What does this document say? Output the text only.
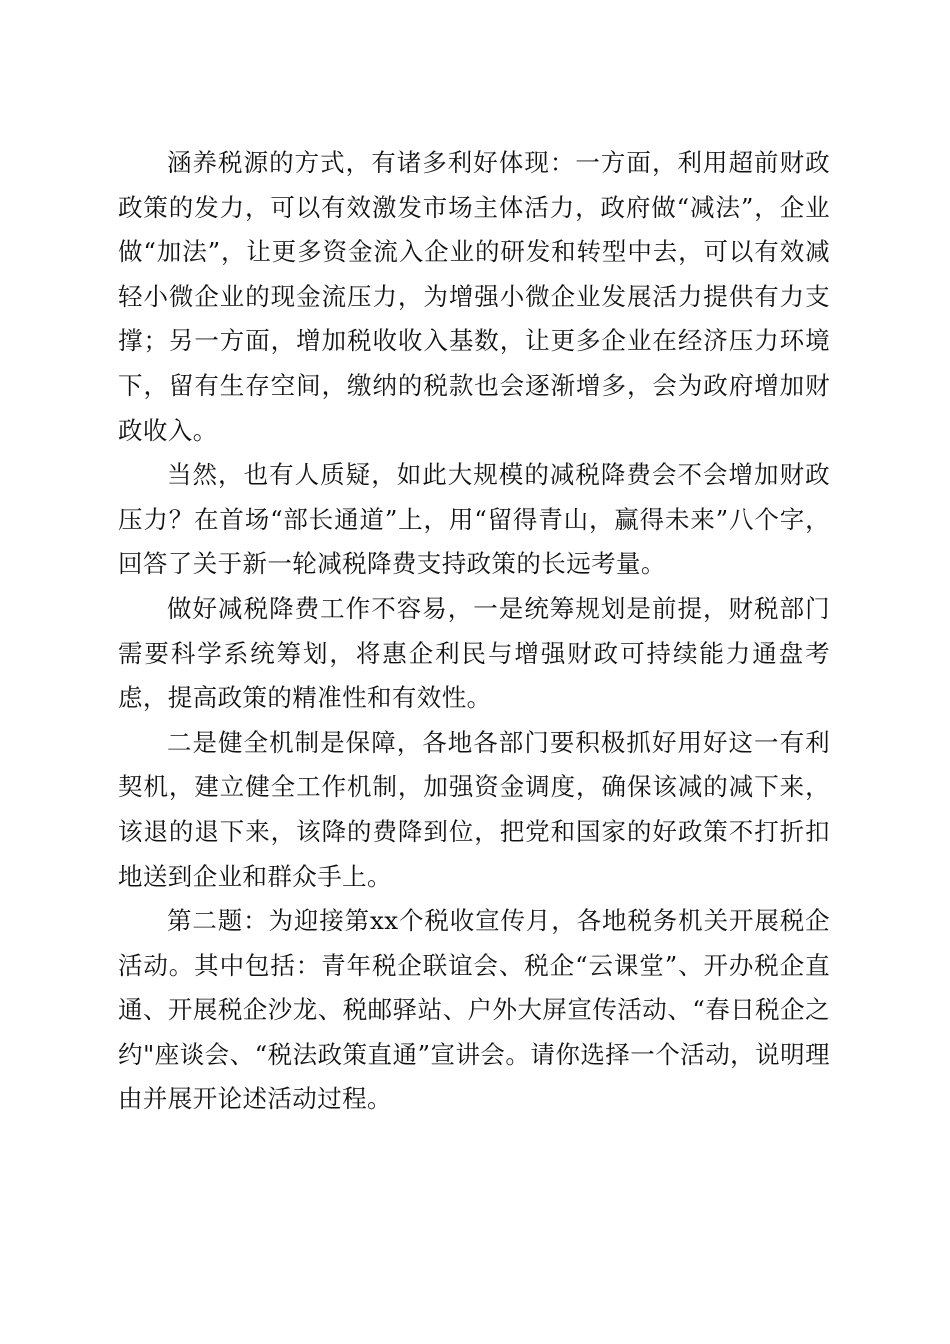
涵养税源的方式，有诸多利好体现：一方面，利用超前财政政策的发力，可以有效激发市场主体活力，政府做“减法”，企业做“加法”，让更多资金流入企业的研发和转型中去，可以有效减轻小微企业的现金流压力，为增强小微企业发展活力提供有力支撑；另一方面，增加税收收入基数，让更多企业在经济压力环境下，留有生存空间，缴纳的税款也会逐渐增多，会为政府增加财政收入。

当然，也有人质疑，如此大规模的减税降费会不会增加财政压力？在首场“部长通道”上，用“留得青山，赢得未来”八个字，回答了关于新一轮减税降费支持政策的长远考量。

做好减税降费工作不容易，一是统筹规划是前提，财税部门需要科学系统筹划，将惠企利民与增强财政可持续能力通盘考虑，提高政策的精准性和有效性。

二是健全机制是保障，各地各部门要积极抓好用好这一有利契机，建立健全工作机制，加强资金调度，确保该减的减下来，该退的退下来，该降的费降到位，把党和国家的好政策不打折扣地送到企业和群众手上。

第二题：为迎接第xx个税收宣传月，各地税务机关开展税企活动。其中包括：青年税企联谊会、税企“云课堂”、开办税企直通、开展税企沙龙、税邮驿站、户外大屏宣传活动、“春日税企之约"座谈会、“税法政策直通”宣讲会。请你选择一个活动，说明理由并展开论述活动过程。
